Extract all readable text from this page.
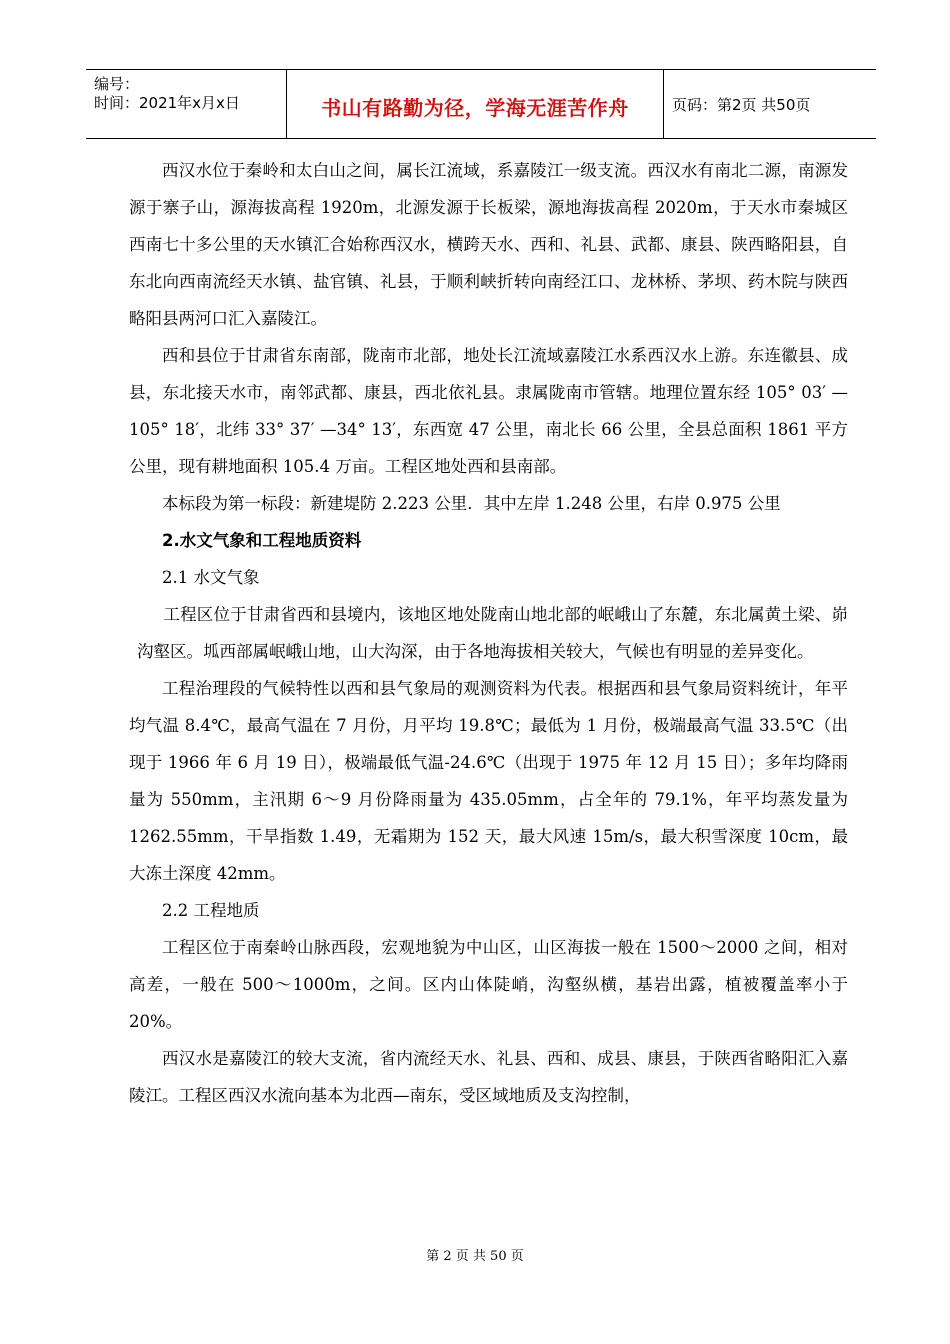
编号：
时间：2021年x月x日	书山有路勤为径，学海无涯苦作舟	页码：第2页 共50页

西汉水位于秦岭和太白山之间，属长江流域，系嘉陵江一级支流。西汉水有南北二源，南源发源于寨子山，源海拔高程 1920m，北源发源于长板梁，源地海拔高程 2020m，于天水市秦城区西南七十多公里的天水镇汇合始称西汉水，横跨天水、西和、礼县、武都、康县、陕西略阳县，自东北向西南流经天水镇、盐官镇、礼县，于顺利峡折转向南经江口、龙林桥、茅坝、药木院与陕西略阳县两河口汇入嘉陵江。

西和县位于甘肃省东南部，陇南市北部，地处长江流域嘉陵江水系西汉水上游。东连徽县、成县，东北接天水市，南邻武都、康县，西北依礼县。隶属陇南市管辖。地理位置东经 105° 03′ — 105° 18′，北纬 33° 37′ —34° 13′，东西宽 47 公里，南北长 66 公里，全县总面积 1861 平方公里，现有耕地面积 105.4 万亩。工程区地处西和县南部。

本标段为第一标段：新建堤防 2.223 公里．其中左岸 1.248 公里，右岸 0.975 公里

2.水文气象和工程地质资料

2.1 水文气象

工程区位于甘肃省西和县境内，该地区地处陇南山地北部的岷峨山了东麓，东北属黄土梁、峁沟壑区。坬西部属岷峨山地，山大沟深，由于各地海拔相关较大，气候也有明显的差异变化。

工程治理段的气候特性以西和县气象局的观测资料为代表。根据西和县气象局资料统计，年平均气温 8.4℃，最高气温在 7 月份，月平均 19.8℃；最低为 1 月份，极端最高气温 33.5℃（出现于 1966 年 6 月 19 日），极端最低气温-24.6℃（出现于 1975 年 12 月 15 日）；多年均降雨量为 550mm，主汛期 6～9 月份降雨量为 435.05mm，占全年的 79.1%，年平均蒸发量为 1262.55mm，干旱指数 1.49，无霜期为 152 天，最大风速 15m/s，最大积雪深度 10cm，最大冻土深度 42mm。

2.2 工程地质

工程区位于南秦岭山脉西段，宏观地貌为中山区，山区海拔一般在 1500～2000 之间，相对高差，一般在 500～1000m，之间。区内山体陡峭，沟壑纵横，基岩出露，植被覆盖率小于 20%。

西汉水是嘉陵江的较大支流，省内流经天水、礼县、西和、成县、康县，于陕西省略阳汇入嘉陵江。工程区西汉水流向基本为北西—南东，受区域地质及支沟控制，

第 2 页 共 50 页
